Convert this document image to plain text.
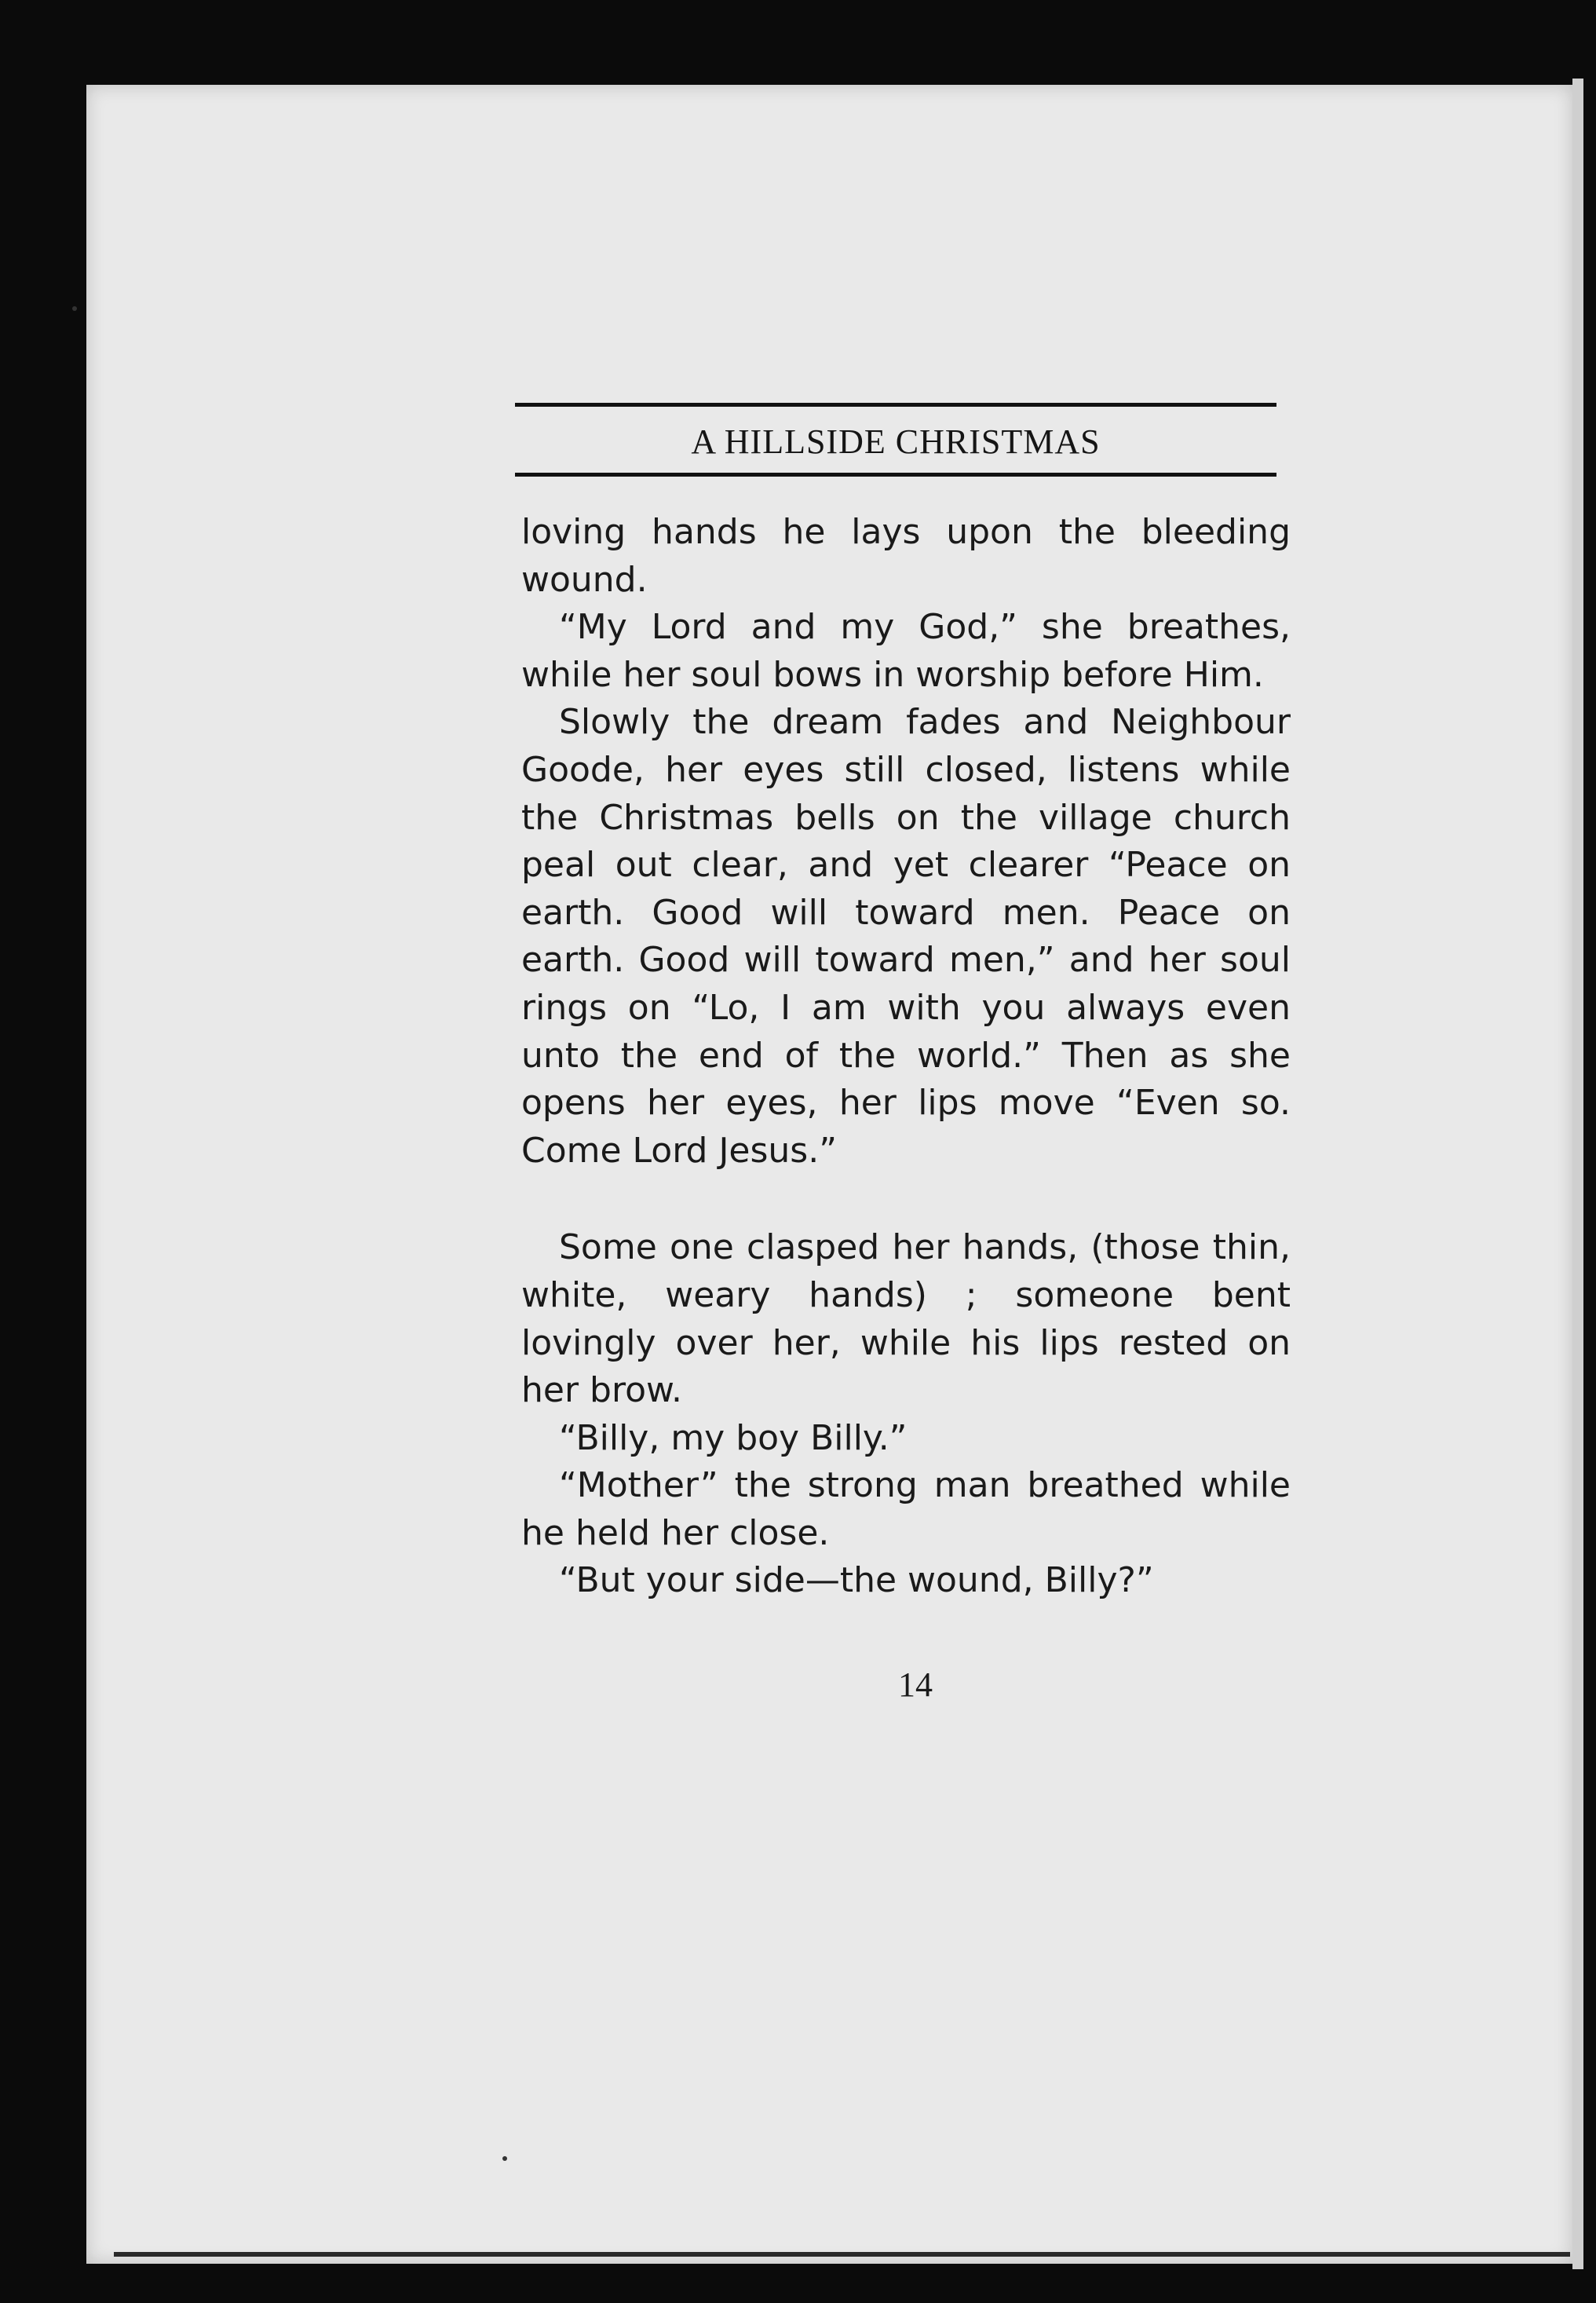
A HILLSIDE CHRISTMAS

loving hands he lays upon the bleeding wound.

“My Lord and my God,” she breathes, while her soul bows in worship before Him.

Slowly the dream fades and Neighbour Goode, her eyes still closed, listens while the Christmas bells on the village church peal out clear, and yet clearer “Peace on earth. Good will toward men. Peace on earth. Good will toward men,” and her soul rings on “Lo, I am with you always even unto the end of the world.” Then as she opens her eyes, her lips move “Even so. Come Lord Jesus.”

Some one clasped her hands, (those thin, white, weary hands) ; someone bent lovingly over her, while his lips rested on her brow.

“Billy, my boy Billy.”

“Mother” the strong man breathed while he held her close.

“But your side—the wound, Billy?”

14
